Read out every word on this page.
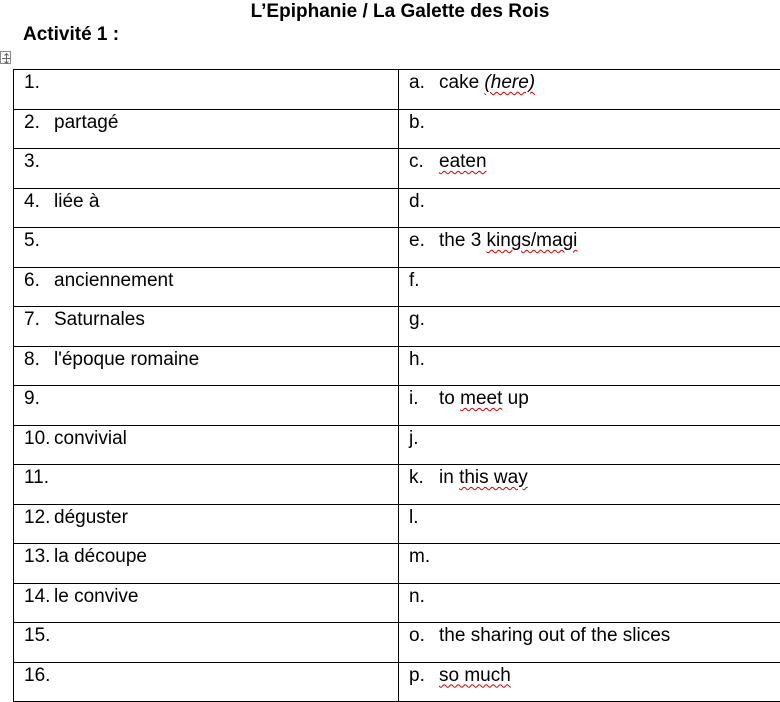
L’Epiphanie / La Galette des Rois
Activité 1 :
1.	a. cake (here)
2. partagé	b.
3.	c. eaten
4. liée à	d.
5.	e. the 3 kings/magi
6. anciennement	f.
7. Saturnales	g.
8. l'époque romaine	h.
9.	i. to meet up
10. convivial	j.
11.	k. in this way
12. déguster	l.
13. la découpe	m.
14. le convive	n.
15.	o. the sharing out of the slices
16.	p. so much
